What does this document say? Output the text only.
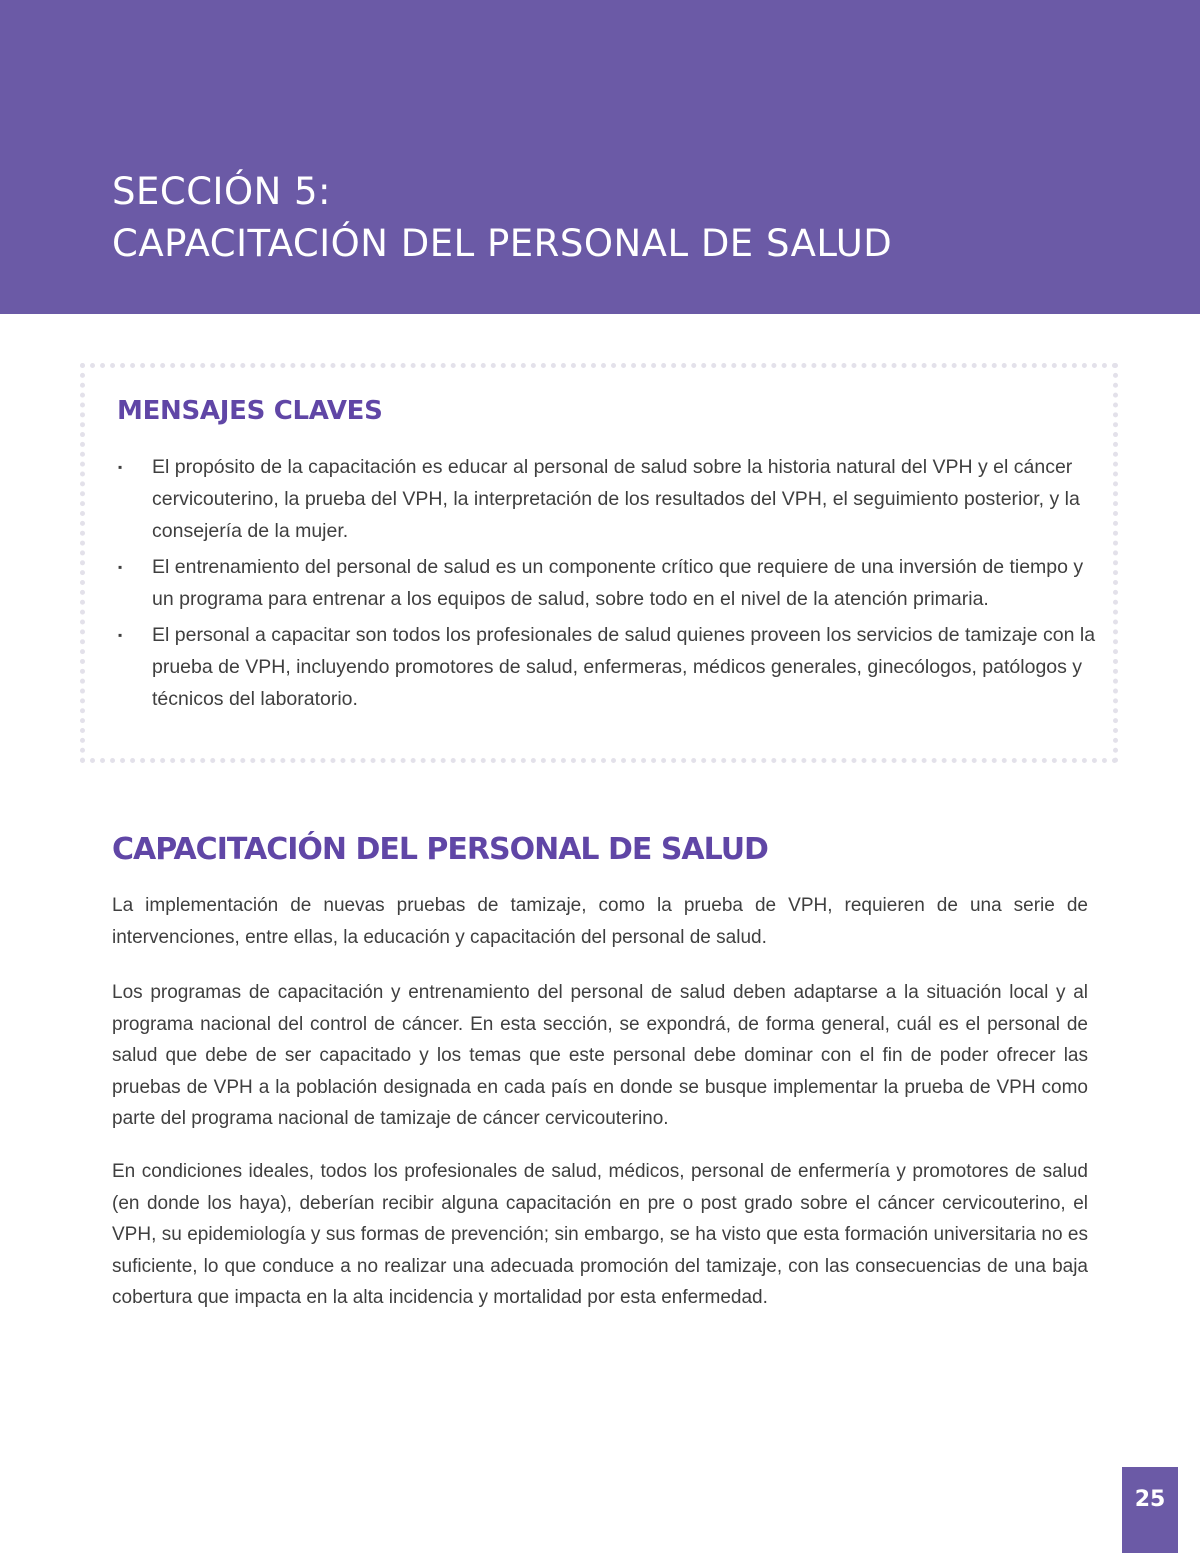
SECCIÓN 5:
CAPACITACIÓN DEL PERSONAL DE SALUD
MENSAJES CLAVES
▪ El propósito de la capacitación es educar al personal de salud sobre la historia natural del VPH y el cáncer cervicouterino, la prueba del VPH, la interpretación de los resultados del VPH, el seguimiento posterior, y la consejería de la mujer.
▪ El entrenamiento del personal de salud es un componente crítico que requiere de una inversión de tiempo y un programa para entrenar a los equipos de salud, sobre todo en el nivel de la atención primaria.
▪ El personal a capacitar son todos los profesionales de salud quienes proveen los servicios de tamizaje con la prueba de VPH, incluyendo promotores de salud, enfermeras, médicos generales, ginecólogos, patólogos y técnicos del laboratorio.
CAPACITACIÓN DEL PERSONAL DE SALUD

La implementación de nuevas pruebas de tamizaje, como la prueba de VPH, requieren de una serie de intervenciones, entre ellas, la educación y capacitación del personal de salud.

Los programas de capacitación y entrenamiento del personal de salud deben adaptarse a la situación local y al programa nacional del control de cáncer. En esta sección, se expondrá, de forma general, cuál es el personal de salud que debe de ser capacitado y los temas que este personal debe dominar con el fin de poder ofrecer las pruebas de VPH a la población designada en cada país en donde se busque implementar la prueba de VPH como parte del programa nacional de tamizaje de cáncer cervicouterino.

En condiciones ideales, todos los profesionales de salud, médicos, personal de enfermería y promotores de salud (en donde los haya), deberían recibir alguna capacitación en pre o post grado sobre el cáncer cervicouterino, el VPH, su epidemiología y sus formas de prevención; sin embargo, se ha visto que esta formación universitaria no es suficiente, lo que conduce a no realizar una adecuada promoción del tamizaje, con las consecuencias de una baja cobertura que impacta en la alta incidencia y mortalidad por esta enfermedad.

25
